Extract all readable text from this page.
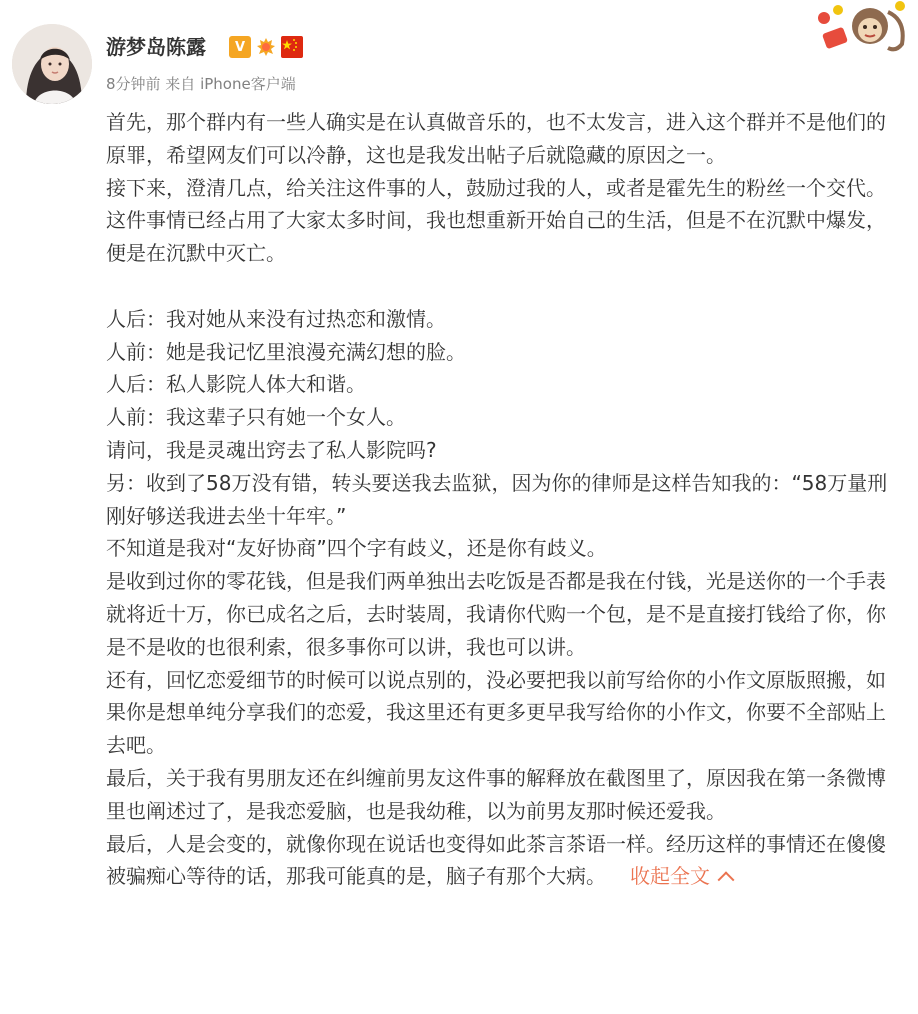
游梦岛陈露	V
8分钟前 来自 iPhone客户端

首先，那个群内有一些人确实是在认真做音乐的，也不太发言，进入这个群并不是他们的原罪，希望网友们可以冷静，这也是我发出帖子后就隐藏的原因之一。

接下来，澄清几点，给关注这件事的人，鼓励过我的人，或者是霍先生的粉丝一个交代。

这件事情已经占用了大家太多时间，我也想重新开始自己的生活，但是不在沉默中爆发，便是在沉默中灭亡。

人后：我对她从来没有过热恋和激情。

人前：她是我记忆里浪漫充满幻想的脸。

人后：私人影院人体大和谐。

人前：我这辈子只有她一个女人。

请问，我是灵魂出窍去了私人影院吗?

另：收到了58万没有错，转头要送我去监狱，因为你的律师是这样告知我的：“58万量刑刚好够送我进去坐十年牢。”

不知道是我对“友好协商”四个字有歧义，还是你有歧义。

是收到过你的零花钱，但是我们两单独出去吃饭是否都是我在付钱，光是送你的一个手表就将近十万，你已成名之后，去时装周，我请你代购一个包，是不是直接打钱给了你，你是不是收的也很利索，很多事你可以讲，我也可以讲。

还有，回忆恋爱细节的时候可以说点别的，没必要把我以前写给你的小作文原版照搬，如果你是想单纯分享我们的恋爱，我这里还有更多更早我写给你的小作文，你要不全部贴上去吧。

最后，关于我有男朋友还在纠缠前男友这件事的解释放在截图里了，原因我在第一条微博里也阐述过了，是我恋爱脑，也是我幼稚，以为前男友那时候还爱我。

最后，人是会变的，就像你现在说话也变得如此茶言茶语一样。经历这样的事情还在傻傻被骗痴心等待的话，那我可能真的是，脑子有那个大病。 收起全文
